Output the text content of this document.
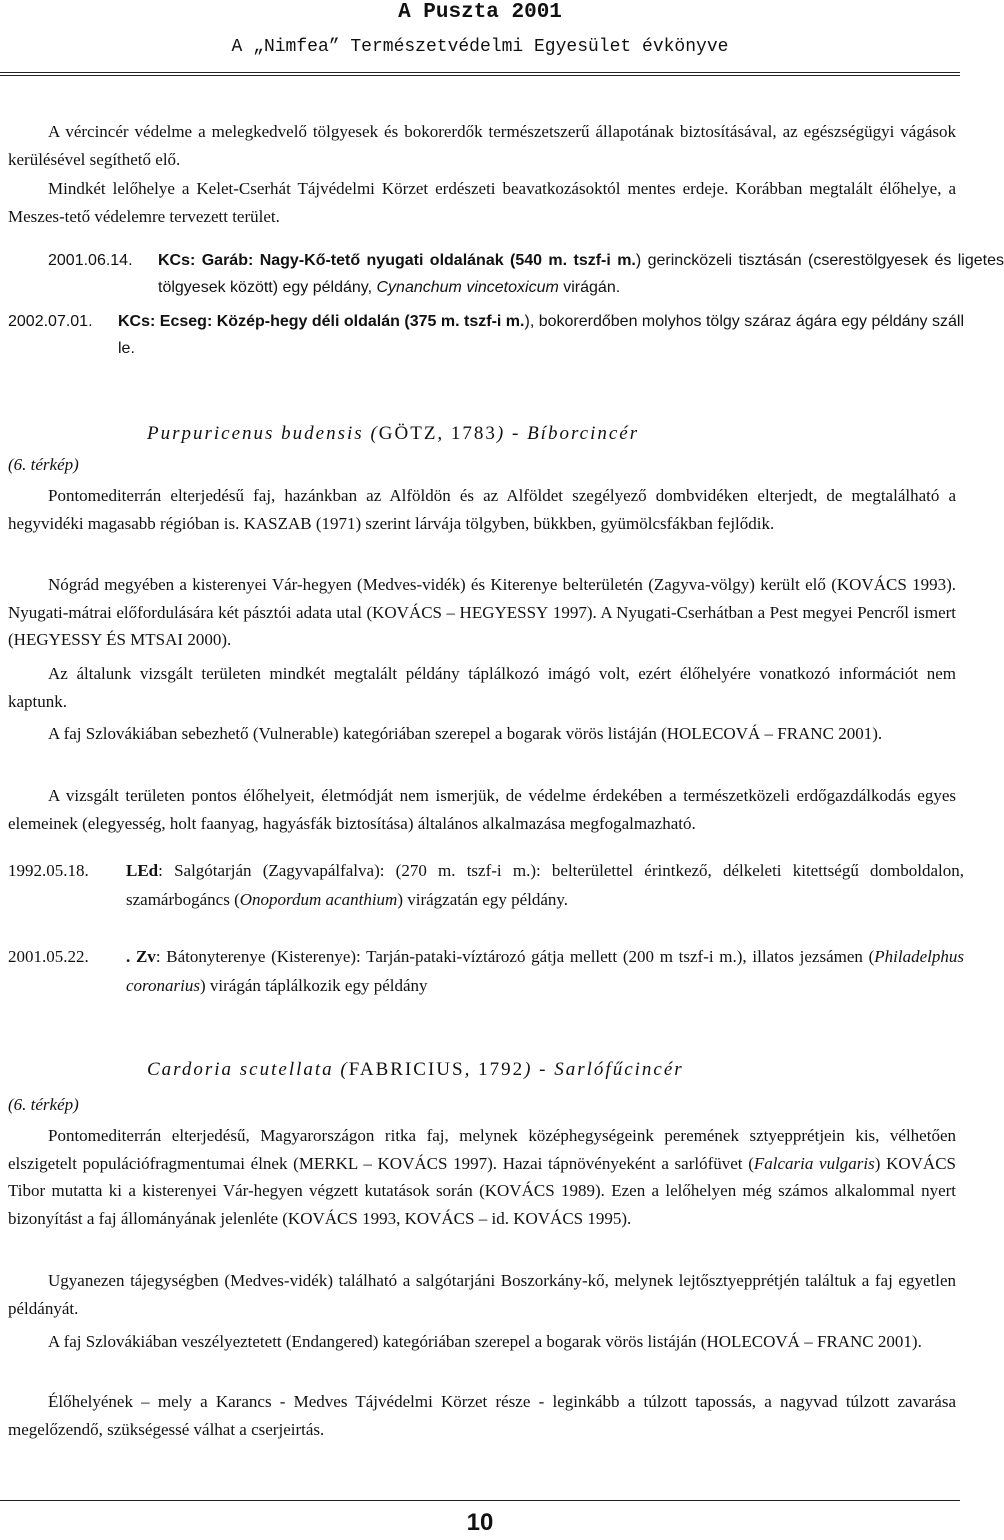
A Puszta 2001
A „Nimfea” Természetvédelmi Egyesület évkönyve
A vércincér védelme a melegkedvelő tölgyesek és bokorerdők természetszerű állapotának biztosításával, az egészségügyi vágások kerülésével segíthető elő.
Mindkét lelőhelye a Kelet-Cserhát Tájvédelmi Körzet erdészeti beavatkozásoktól mentes erdeje. Korábban megtalált élőhelye, a Meszes-tető védelemre tervezett terület.
2001.06.14.	KCs: Garáb: Nagy-Kő-tető nyugati oldalának (540 m. tszf-i m.) gerincközeli tisztásán (cserestölgyesek és ligetes tölgyesek között) egy példány, Cynanchum vincetoxicum virágán.
2002.07.01.	KCs: Ecseg: Közép-hegy déli oldalán (375 m. tszf-i m.), bokorerdőben molyhos tölgy száraz ágára egy példány száll le.
Purpuricenus budensis (GÖTZ, 1783) - Bíborcincér
(6. térkép)
Pontomediterrán elterjedésű faj, hazánkban az Alföldön és az Alföldet szegélyező dombvidéken elterjedt, de megtalálható a hegyvidéki magasabb régióban is. KASZAB (1971) szerint lárvája tölgyben, bükkben, gyümölcsfákban fejlődik.
Nógrád megyében a kisterenyei Vár-hegyen (Medves-vidék) és Kiterenye belterületén (Zagyva-völgy) került elő (KOVÁCS 1993). Nyugati-mátrai előfordulására két pásztói adata utal (KOVÁCS – HEGYESSY 1997). A Nyugati-Cserhátban a Pest megyei Pencről ismert (HEGYESSY ÉS MTSAI 2000).
Az általunk vizsgált területen mindkét megtalált példány táplálkozó imágó volt, ezért élőhelyére vonatkozó információt nem kaptunk.
A faj Szlovákiában sebezhető (Vulnerable) kategóriában szerepel a bogarak vörös listáján (HOLECOVÁ – FRANC 2001).
A vizsgált területen pontos élőhelyeit, életmódját nem ismerjük, de védelme érdekében a természetközeli erdőgazdálkodás egyes elemeinek (elegyesség, holt faanyag, hagyásfák biztosítása) általános alkalmazása megfogalmazható.
1992.05.18.	LEd: Salgótarján (Zagyvapálfalva): (270 m. tszf-i m.): belterülettel érintkező, délkeleti kitettségű domboldalon, szamárbogáncs (Onopordum acanthium) virágzatán egy példány.
2001.05.22.	. Zv: Bátonyterenye (Kisterenye): Tarján-pataki-víztározó gátja mellett (200 m tszf-i m.), illatos jezsámen (Philadelphus coronarius) virágán táplálkozik egy példány
Cardoria scutellata (FABRICIUS, 1792) - Sarlófűcincér
(6. térkép)
Pontomediterrán elterjedésű, Magyarországon ritka faj, melynek középhegységeink peremének sztyepprétjein kis, vélhetően elszigetelt populációfragmentumai élnek (MERKL – KOVÁCS 1997). Hazai tápnövényeként a sarlófüvet (Falcaria vulgaris) KOVÁCS Tibor mutatta ki a kisterenyei Vár-hegyen végzett kutatások során (KOVÁCS 1989). Ezen a lelőhelyen még számos alkalommal nyert bizonyítást a faj állományának jelenléte (KOVÁCS 1993, KOVÁCS – id. KOVÁCS 1995).
Ugyanezen tájegységben (Medves-vidék) található a salgótarjáni Boszorkány-kő, melynek lejtősztyepprétjén találtuk a faj egyetlen példányát.
A faj Szlovákiában veszélyeztetett (Endangered) kategóriában szerepel a bogarak vörös listáján (HOLECOVÁ – FRANC 2001).
Élőhelyének – mely a Karancs - Medves Tájvédelmi Körzet része - leginkább a túlzott tapossás, a nagyvad túlzott zavarása megelőzendő, szükségessé válhat a cserjeirtás.
10
